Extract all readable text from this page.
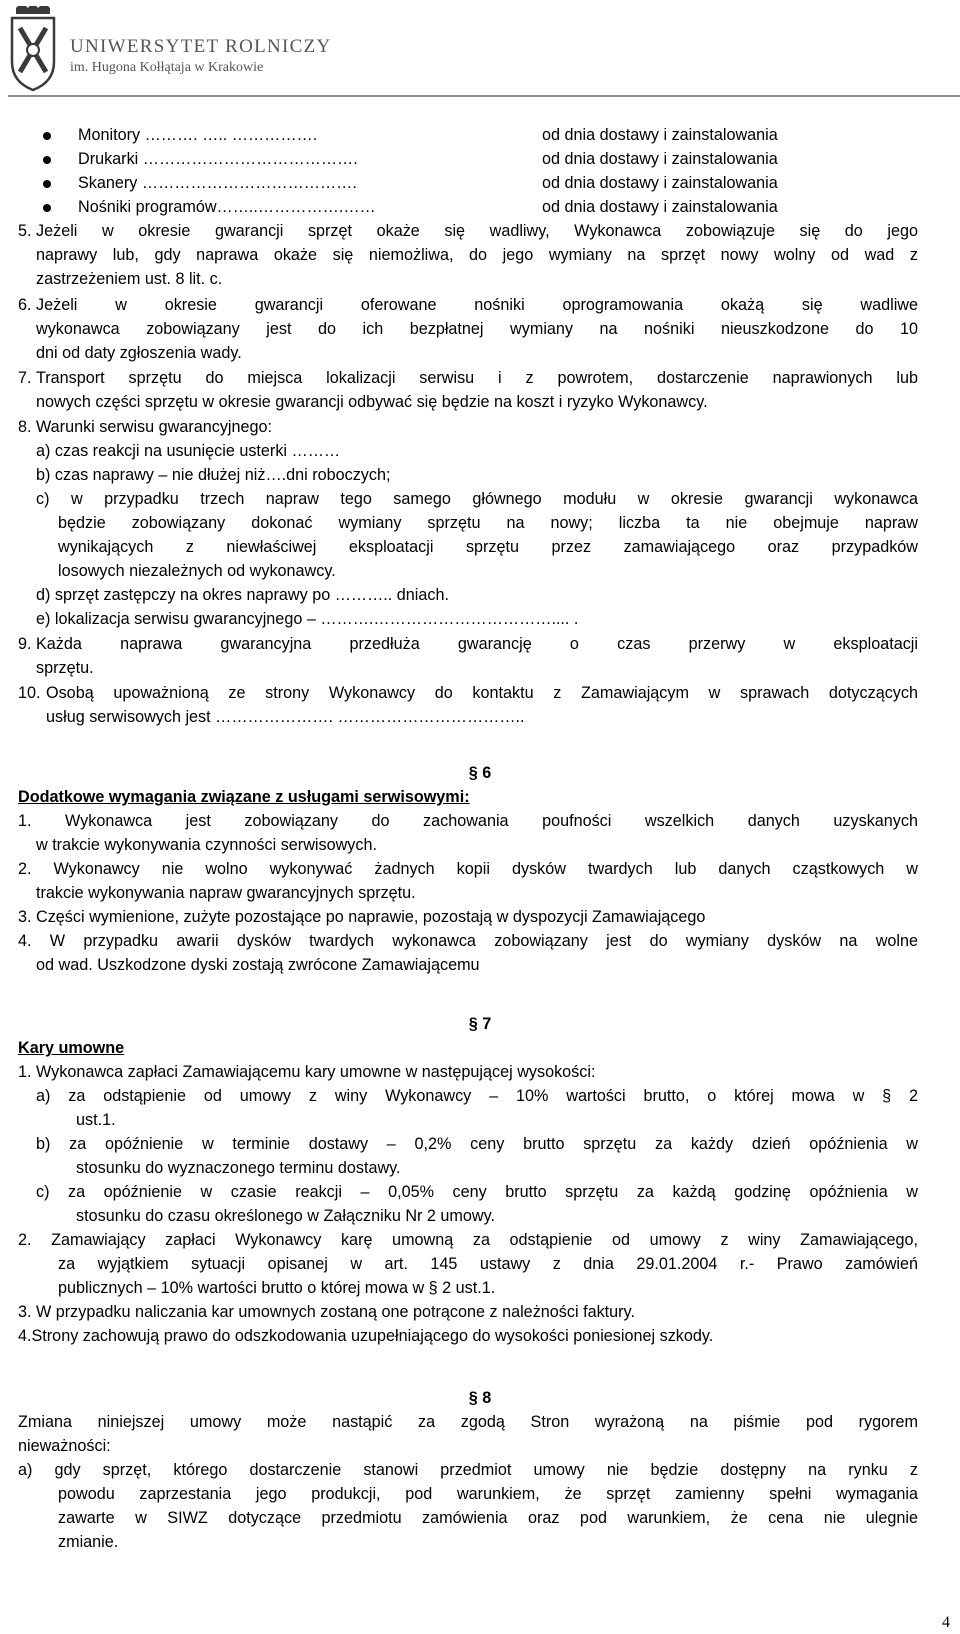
UNIWERSYTET ROLNICZY
im. Hugona Kołłątaja w Krakowie
Monitory ………. ….. …………….	od dnia dostawy i zainstalowania
Drukarki ………………………………….	od dnia dostawy i zainstalowania
Skanery ………………………………….	od dnia dostawy i zainstalowania
Nośniki programów……..…………….……	od dnia dostawy i zainstalowania
5. Jeżeli w okresie gwarancji sprzęt okaże się wadliwy, Wykonawca zobowiązuje się do jego
naprawy lub, gdy naprawa okaże się niemożliwa, do jego wymiany na sprzęt nowy wolny od wad z
zastrzeżeniem ust. 8 lit. c.
6. Jeżeli w okresie gwarancji oferowane nośniki oprogramowania okażą się wadliwe
wykonawca zobowiązany jest do ich bezpłatnej wymiany na nośniki nieuszkodzone do 10
dni od daty zgłoszenia wady.
7. Transport sprzętu do miejsca lokalizacji serwisu i z powrotem, dostarczenie naprawionych lub
nowych części sprzętu w okresie gwarancji odbywać się będzie na koszt i ryzyko Wykonawcy.
8. Warunki serwisu gwarancyjnego:
a) czas reakcji na usunięcie usterki ………
b) czas naprawy – nie dłużej niż….dni roboczych;
c) w przypadku trzech napraw tego samego głównego modułu w okresie gwarancji wykonawca
będzie zobowiązany dokonać wymiany sprzętu na nowy; liczba ta nie obejmuje napraw
wynikających z niewłaściwej eksploatacji sprzętu przez zamawiającego oraz przypadków
losowych niezależnych od wykonawcy.
d) sprzęt zastępczy na okres naprawy po ……….. dniach.
e) lokalizacja serwisu gwarancyjnego – ……….…………………………….... .
9. Każda naprawa gwarancyjna przedłuża gwarancję o czas przerwy w eksploatacji
sprzętu.
10. Osobą upoważnioną ze strony Wykonawcy do kontaktu z Zamawiającym w sprawach dotyczących
usług serwisowych jest …………………. ……………………………..
§ 6
Dodatkowe wymagania związane z usługami serwisowymi:
1. Wykonawca jest zobowiązany do zachowania poufności wszelkich danych uzyskanych
w trakcie wykonywania czynności serwisowych.
2. Wykonawcy nie wolno wykonywać żadnych kopii dysków twardych lub danych cząstkowych w
trakcie wykonywania napraw gwarancyjnych sprzętu.
3. Części wymienione, zużyte pozostające po naprawie, pozostają w dyspozycji Zamawiającego
4. W przypadku awarii dysków twardych wykonawca zobowiązany jest do wymiany dysków na wolne
od wad. Uszkodzone dyski zostają zwrócone Zamawiającemu
§ 7
Kary umowne
1. Wykonawca zapłaci Zamawiającemu kary umowne w następującej wysokości:
a) za odstąpienie od umowy z winy Wykonawcy – 10% wartości brutto, o której mowa w § 2
ust.1.
b) za opóźnienie w terminie dostawy – 0,2% ceny brutto sprzętu za każdy dzień opóźnienia w
stosunku do wyznaczonego terminu dostawy.
c) za opóźnienie w czasie reakcji – 0,05% ceny brutto sprzętu za każdą godzinę opóźnienia w
stosunku do czasu określonego w Załączniku Nr 2 umowy.
2. Zamawiający zapłaci Wykonawcy karę umowną za odstąpienie od umowy z winy Zamawiającego,
za wyjątkiem sytuacji opisanej w art. 145 ustawy z dnia 29.01.2004 r.- Prawo zamówień
publicznych – 10% wartości brutto o której mowa w § 2 ust.1.
3. W przypadku naliczania kar umownych zostaną one potrącone z należności faktury.
4.Strony zachowują prawo do odszkodowania uzupełniającego do wysokości poniesionej szkody.
§ 8
Zmiana niniejszej umowy może nastąpić za zgodą Stron wyrażoną na piśmie pod rygorem
nieważności:
a) gdy sprzęt, którego dostarczenie stanowi przedmiot umowy nie będzie dostępny na rynku z
powodu zaprzestania jego produkcji, pod warunkiem, że sprzęt zamienny spełni wymagania
zawarte w SIWZ dotyczące przedmiotu zamówienia oraz pod warunkiem, że cena nie ulegnie
zmianie.
4
